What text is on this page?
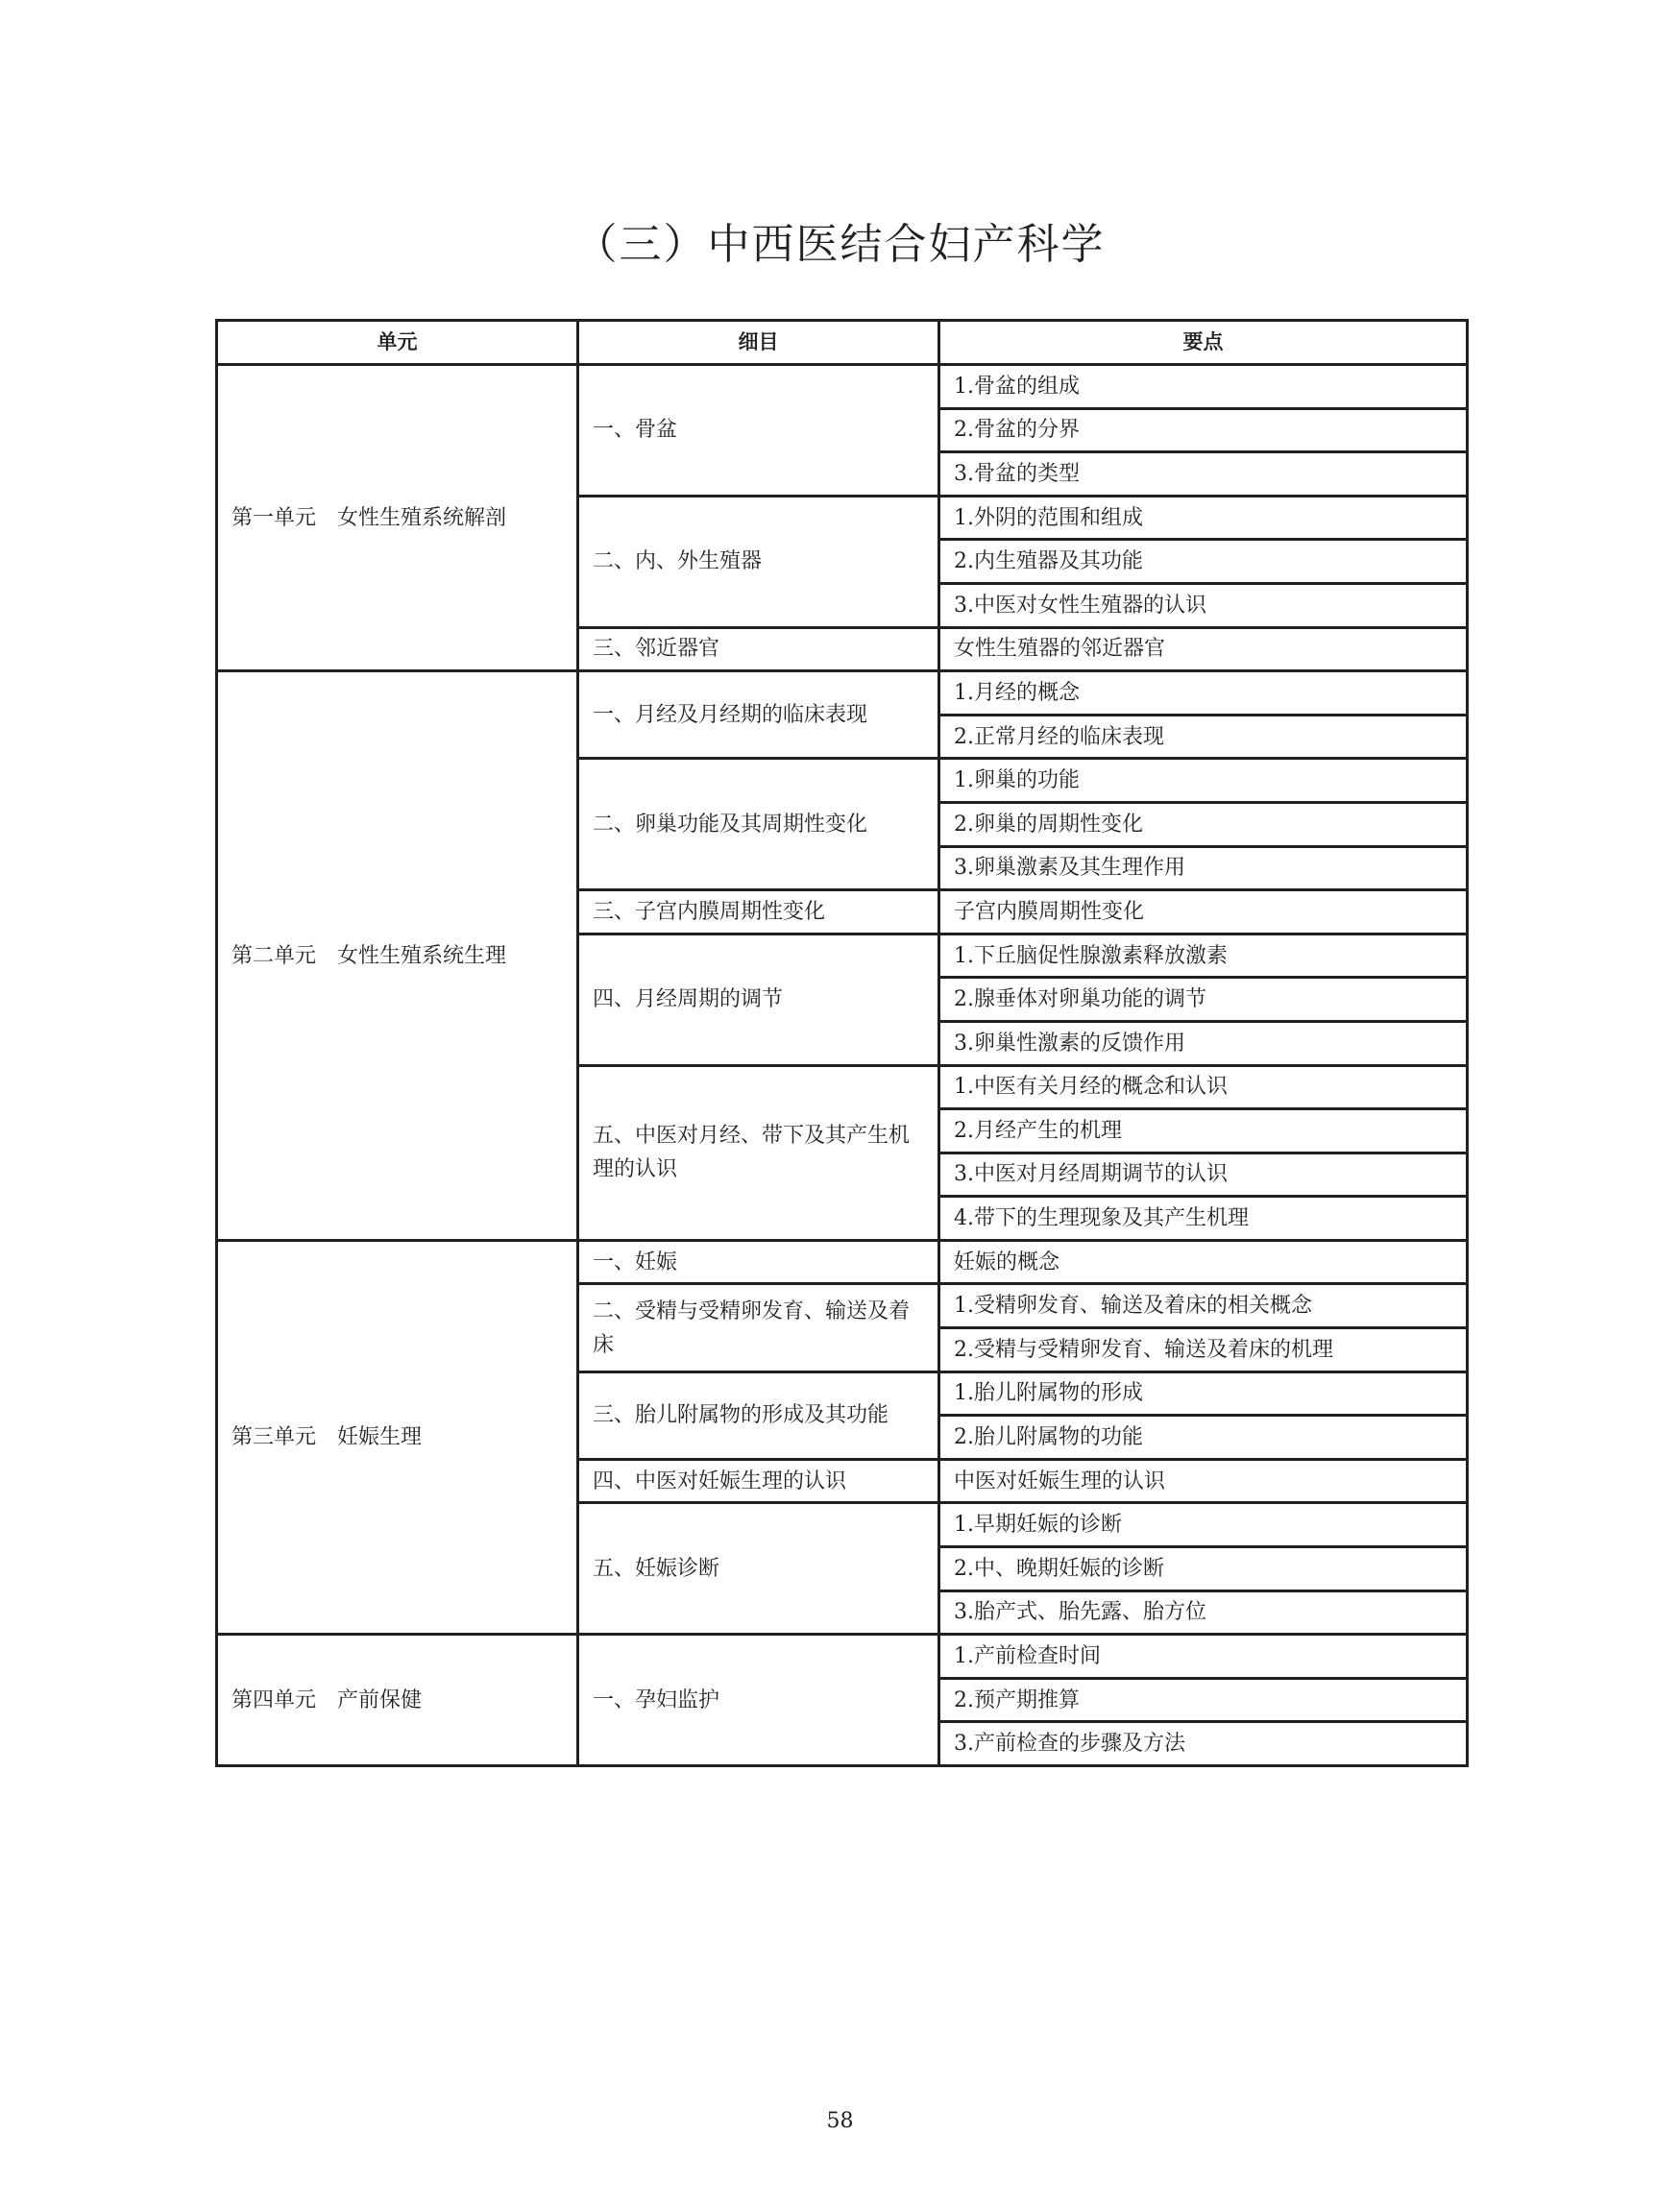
（三）中西医结合妇产科学
单元	细目	要点
第一单元　女性生殖系统解剖	一、骨盆	1.骨盆的组成
		2.骨盆的分界
		3.骨盆的类型
	二、内、外生殖器	1.外阴的范围和组成
		2.内生殖器及其功能
		3.中医对女性生殖器的认识
	三、邻近器官	女性生殖器的邻近器官
第二单元　女性生殖系统生理	一、月经及月经期的临床表现	1.月经的概念
		2.正常月经的临床表现
	二、卵巢功能及其周期性变化	1.卵巢的功能
		2.卵巢的周期性变化
		3.卵巢激素及其生理作用
	三、子宫内膜周期性变化	子宫内膜周期性变化
	四、月经周期的调节	1.下丘脑促性腺激素释放激素
		2.腺垂体对卵巢功能的调节
		3.卵巢性激素的反馈作用
	五、中医对月经、带下及其产生机理的认识	1.中医有关月经的概念和认识
		2.月经产生的机理
		3.中医对月经周期调节的认识
		4.带下的生理现象及其产生机理
第三单元　妊娠生理	一、妊娠	妊娠的概念
	二、受精与受精卵发育、输送及着床	1.受精卵发育、输送及着床的相关概念
		2.受精与受精卵发育、输送及着床的机理
	三、胎儿附属物的形成及其功能	1.胎儿附属物的形成
		2.胎儿附属物的功能
	四、中医对妊娠生理的认识	中医对妊娠生理的认识
	五、妊娠诊断	1.早期妊娠的诊断
		2.中、晚期妊娠的诊断
		3.胎产式、胎先露、胎方位
第四单元　产前保健	一、孕妇监护	1.产前检查时间
		2.预产期推算
		3.产前检查的步骤及方法
58
